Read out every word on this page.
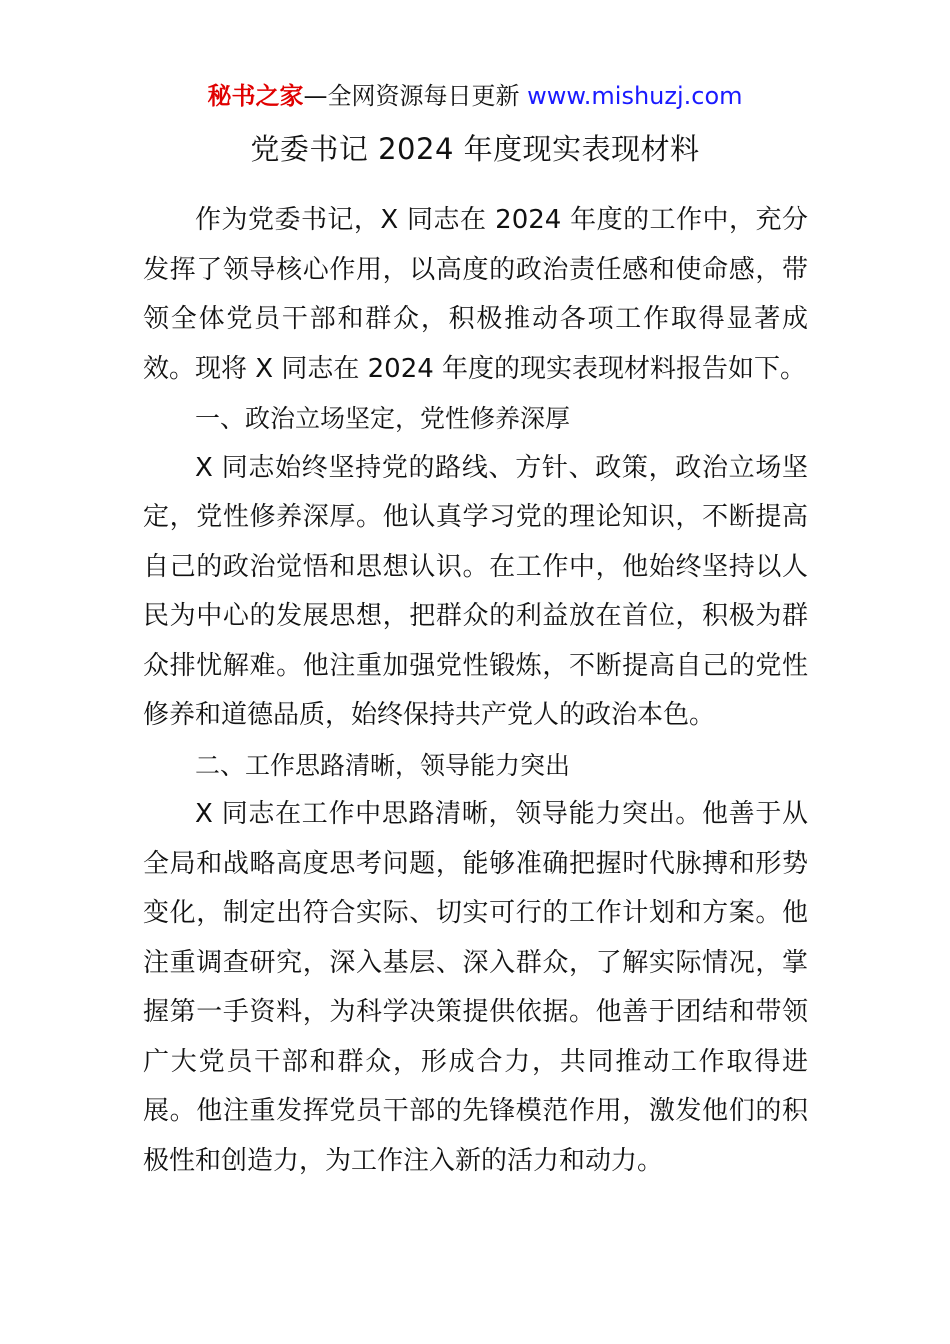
秘书之家—全网资源每日更新 www.mishuzj.com
党委书记 2024 年度现实表现材料

作为党委书记，X 同志在 2024 年度的工作中，充分发挥了领导核心作用，以高度的政治责任感和使命感，带领全体党员干部和群众，积极推动各项工作取得显著成效。现将 X 同志在 2024 年度的现实表现材料报告如下。

一、政治立场坚定，党性修养深厚

X 同志始终坚持党的路线、方针、政策，政治立场坚定，党性修养深厚。他认真学习党的理论知识，不断提高自己的政治觉悟和思想认识。在工作中，他始终坚持以人民为中心的发展思想，把群众的利益放在首位，积极为群众排忧解难。他注重加强党性锻炼，不断提高自己的党性修养和道德品质，始终保持共产党人的政治本色。

二、工作思路清晰，领导能力突出

X 同志在工作中思路清晰，领导能力突出。他善于从全局和战略高度思考问题，能够准确把握时代脉搏和形势变化，制定出符合实际、切实可行的工作计划和方案。他注重调查研究，深入基层、深入群众，了解实际情况，掌握第一手资料，为科学决策提供依据。他善于团结和带领广大党员干部和群众，形成合力，共同推动工作取得进展。他注重发挥党员干部的先锋模范作用，激发他们的积极性和创造力，为工作注入新的活力和动力。
